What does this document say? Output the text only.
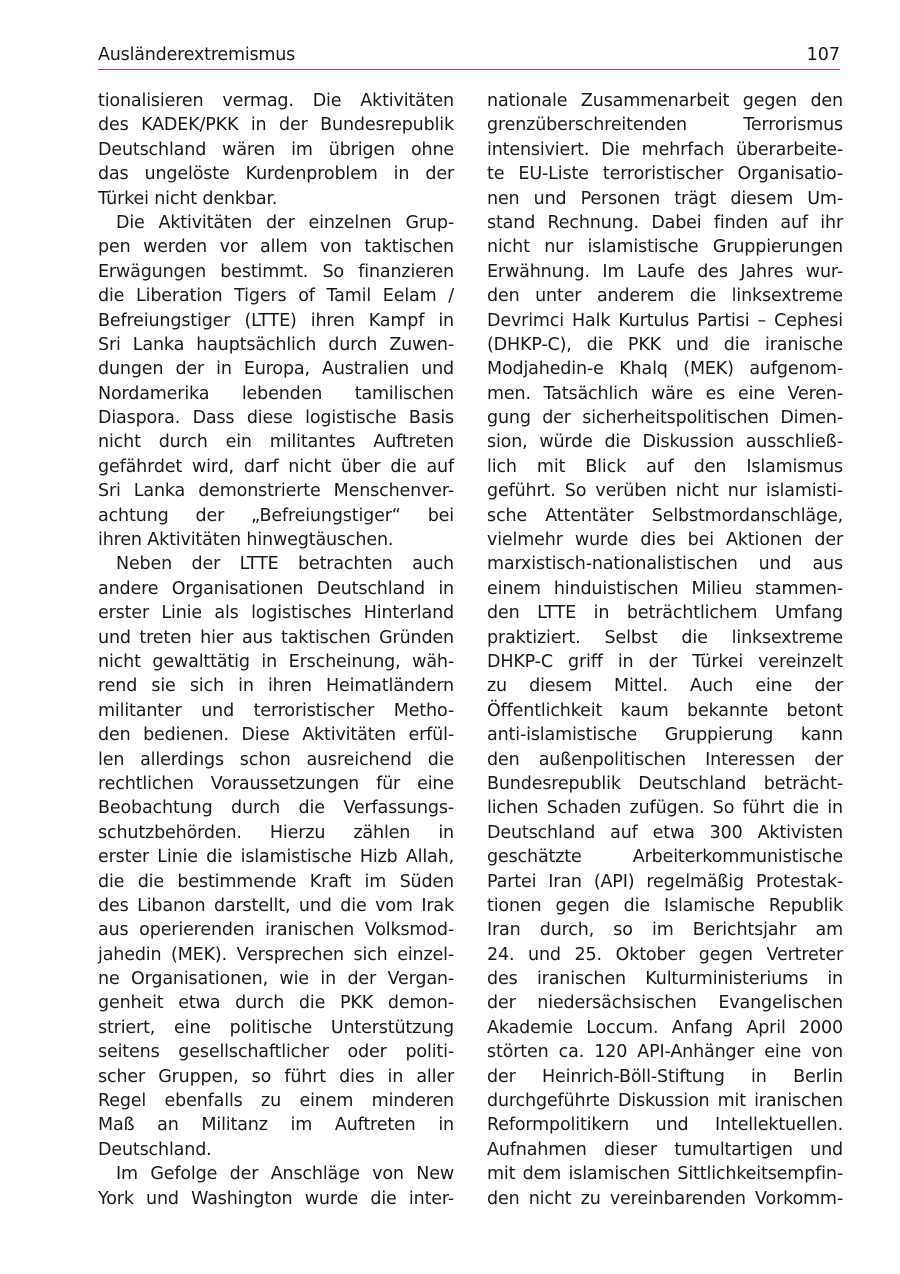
Ausländerextremismus	107
tionalisieren vermag. Die Aktivitäten
des KADEK/PKK in der Bundesrepublik
Deutschland wären im übrigen ohne
das ungelöste Kurdenproblem in der
Türkei nicht denkbar.
Die Aktivitäten der einzelnen Grup-
pen werden vor allem von taktischen
Erwägungen bestimmt. So finanzieren
die Liberation Tigers of Tamil Eelam /
Befreiungstiger (LTTE) ihren Kampf in
Sri Lanka hauptsächlich durch Zuwen-
dungen der in Europa, Australien und
Nordamerika lebenden tamilischen
Diaspora. Dass diese logistische Basis
nicht durch ein militantes Auftreten
gefährdet wird, darf nicht über die auf
Sri Lanka demonstrierte Menschenver-
achtung der „Befreiungstiger“ bei
ihren Aktivitäten hinwegtäuschen.
Neben der LTTE betrachten auch
andere Organisationen Deutschland in
erster Linie als logistisches Hinterland
und treten hier aus taktischen Gründen
nicht gewalttätig in Erscheinung, wäh-
rend sie sich in ihren Heimatländern
militanter und terroristischer Metho-
den bedienen. Diese Aktivitäten erfül-
len allerdings schon ausreichend die
rechtlichen Voraussetzungen für eine
Beobachtung durch die Verfassungs-
schutzbehörden. Hierzu zählen in
erster Linie die islamistische Hizb Allah,
die die bestimmende Kraft im Süden
des Libanon darstellt, und die vom Irak
aus operierenden iranischen Volksmod-
jahedin (MEK). Versprechen sich einzel-
ne Organisationen, wie in der Vergan-
genheit etwa durch die PKK demon-
striert, eine politische Unterstützung
seitens gesellschaftlicher oder politi-
scher Gruppen, so führt dies in aller
Regel ebenfalls zu einem minderen
Maß an Militanz im Auftreten in
Deutschland.
Im Gefolge der Anschläge von New
York und Washington wurde die inter-
nationale Zusammenarbeit gegen den
grenzüberschreitenden Terrorismus
intensiviert. Die mehrfach überarbeite-
te EU-Liste terroristischer Organisatio-
nen und Personen trägt diesem Um-
stand Rechnung. Dabei finden auf ihr
nicht nur islamistische Gruppierungen
Erwähnung. Im Laufe des Jahres wur-
den unter anderem die linksextreme
Devrimci Halk Kurtulus Partisi – Cephesi
(DHKP-C), die PKK und die iranische
Modjahedin-e Khalq (MEK) aufgenom-
men. Tatsächlich wäre es eine Veren-
gung der sicherheitspolitischen Dimen-
sion, würde die Diskussion ausschließ-
lich mit Blick auf den Islamismus
geführt. So verüben nicht nur islamisti-
sche Attentäter Selbstmordanschläge,
vielmehr wurde dies bei Aktionen der
marxistisch-nationalistischen und aus
einem hinduistischen Milieu stammen-
den LTTE in beträchtlichem Umfang
praktiziert. Selbst die linksextreme
DHKP-C griff in der Türkei vereinzelt
zu diesem Mittel. Auch eine der
Öffentlichkeit kaum bekannte betont
anti-islamistische Gruppierung kann
den außenpolitischen Interessen der
Bundesrepublik Deutschland beträcht-
lichen Schaden zufügen. So führt die in
Deutschland auf etwa 300 Aktivisten
geschätzte Arbeiterkommunistische
Partei Iran (API) regelmäßig Protestak-
tionen gegen die Islamische Republik
Iran durch, so im Berichtsjahr am
24. und 25. Oktober gegen Vertreter
des iranischen Kulturministeriums in
der niedersächsischen Evangelischen
Akademie Loccum. Anfang April 2000
störten ca. 120 API-Anhänger eine von
der Heinrich-Böll-Stiftung in Berlin
durchgeführte Diskussion mit iranischen
Reformpolitikern und Intellektuellen.
Aufnahmen dieser tumultartigen und
mit dem islamischen Sittlichkeitsempfin-
den nicht zu vereinbarenden Vorkomm-
